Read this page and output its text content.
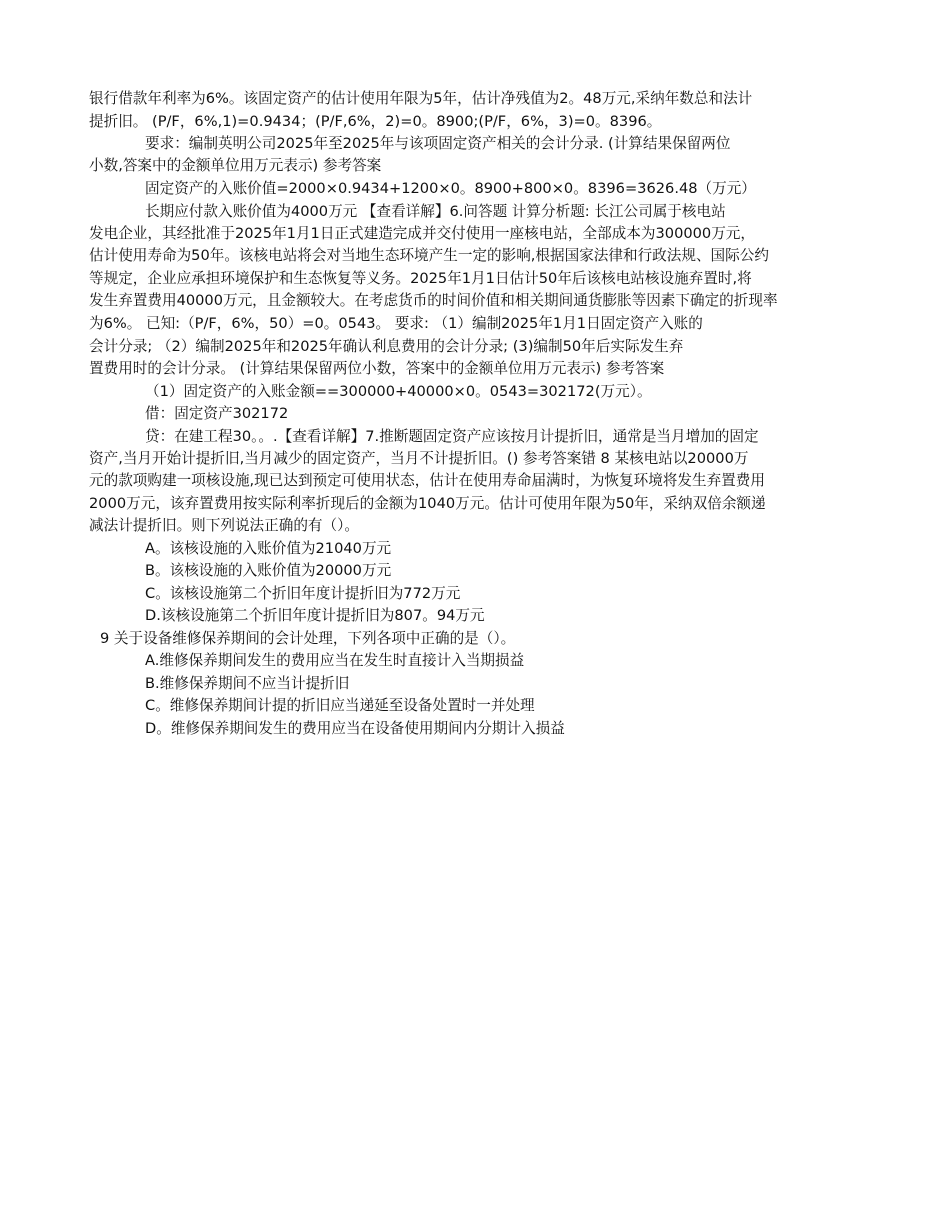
银行借款年利率为6%。该固定资产的估计使用年限为5年，估计净残值为2。48万元,采纳年数总和法计
提折旧。 (P/F，6%,1)=0.9434；(P/F,6%，2)=0。8900;(P/F，6%，3)=0。8396。
要求：编制英明公司2025年至2025年与该项固定资产相关的会计分录. (计算结果保留两位
小数,答案中的金额单位用万元表示) 参考答案
固定资产的入账价值=2000×0.9434+1200×0。8900+800×0。8396=3626.48（万元）
长期应付款入账价值为4000万元 【查看详解】6.问答题 计算分析题: 长江公司属于核电站
发电企业，其经批准于2025年1月1日正式建造完成并交付使用一座核电站，全部成本为300000万元，
估计使用寿命为50年。该核电站将会对当地生态环境产生一定的影响,根据国家法律和行政法规、国际公约
等规定，企业应承担环境保护和生态恢复等义务。2025年1月1日估计50年后该核电站核设施弃置时,将
发生弃置费用40000万元，且金额较大。在考虑货币的时间价值和相关期间通货膨胀等因素下确定的折现率
为6%。 已知:（P/F，6%，50）=0。0543。 要求: （1）编制2025年1月1日固定资产入账的
会计分录; （2）编制2025年和2025年确认利息费用的会计分录; (3)编制50年后实际发生弃
置费用时的会计分录。 (计算结果保留两位小数，答案中的金额单位用万元表示) 参考答案
（1）固定资产的入账金额==300000+40000×0。0543=302172(万元）。
借：固定资产302172
贷：在建工程30。。.【查看详解】7.推断题固定资产应该按月计提折旧，通常是当月增加的固定
资产,当月开始计提折旧,当月减少的固定资产，当月不计提折旧。() 参考答案错 8 某核电站以20000万
元的款项购建一项核设施,现已达到预定可使用状态，估计在使用寿命届满时，为恢复环境将发生弃置费用
2000万元，该弃置费用按实际利率折现后的金额为1040万元。估计可使用年限为50年，采纳双倍余额递
减法计提折旧。则下列说法正确的有（）。
A。该核设施的入账价值为21040万元
B。该核设施的入账价值为20000万元
C。该核设施第二个折旧年度计提折旧为772万元
D.该核设施第二个折旧年度计提折旧为807。94万元
9 关于设备维修保养期间的会计处理，下列各项中正确的是（）。
A.维修保养期间发生的费用应当在发生时直接计入当期损益
B.维修保养期间不应当计提折旧
C。维修保养期间计提的折旧应当递延至设备处置时一并处理
D。维修保养期间发生的费用应当在设备使用期间内分期计入损益
